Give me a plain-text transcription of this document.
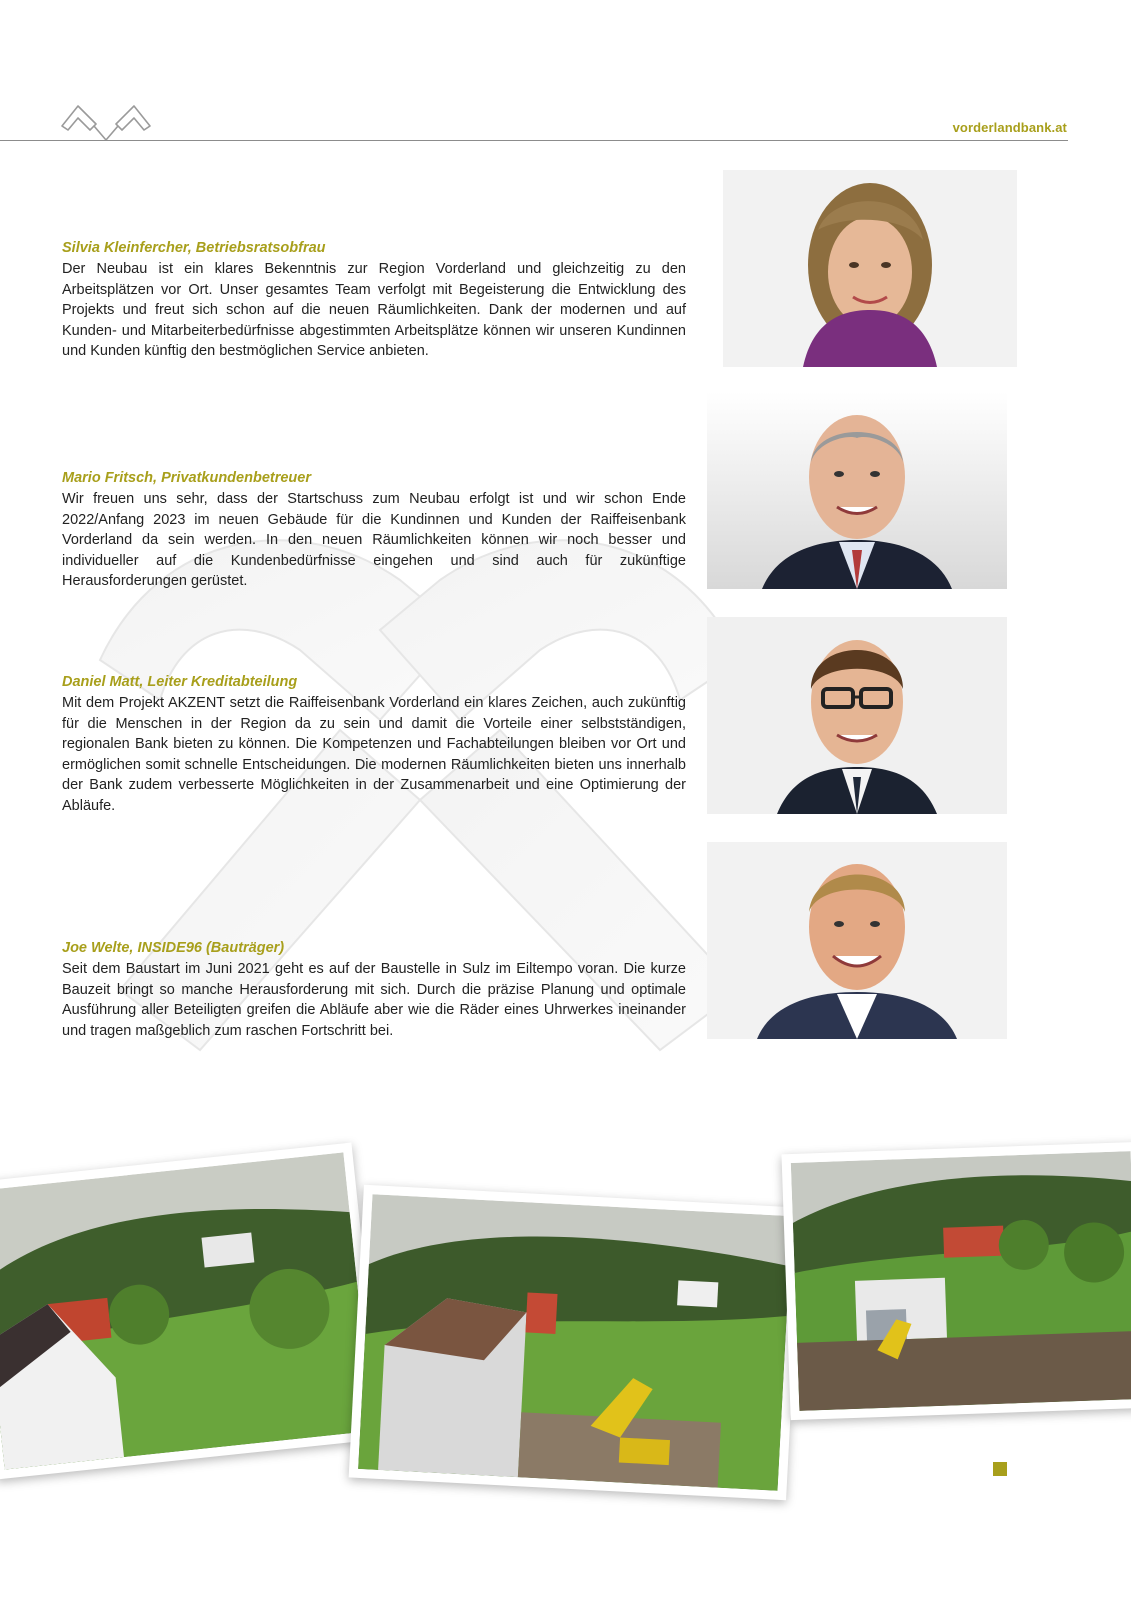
vorderlandbank.at
Silvia Kleinfercher, Betriebsratsobfrau
Der Neubau ist ein klares Bekenntnis zur Region Vorderland und gleichzeitig zu den Arbeitsplätzen vor Ort. Unser gesamtes Team verfolgt mit Begeisterung die Entwicklung des Projekts und freut sich schon auf die neuen Räumlichkeiten. Dank der modernen und auf Kunden- und Mitarbeiterbedürfnisse abgestimmten Arbeitsplätze können wir unseren Kundinnen und Kunden künftig den bestmöglichen Service anbieten.
Mario Fritsch, Privatkundenbetreuer
Wir freuen uns sehr, dass der Startschuss zum Neubau erfolgt ist und wir schon Ende 2022/Anfang 2023 im neuen Gebäude für die Kundinnen und Kunden der Raiffeisenbank Vorderland da sein werden. In den neuen Räumlichkeiten können wir noch besser und individueller auf die Kundenbedürfnisse eingehen und sind auch für zukünftige Herausforderungen gerüstet.
Daniel Matt, Leiter Kreditabteilung
Mit dem Projekt AKZENT setzt die Raiffeisenbank Vorderland ein klares Zeichen, auch zukünftig für die Menschen in der Region da zu sein und damit die Vorteile einer selbstständigen, regionalen Bank bieten zu können. Die Kompetenzen und Fachabteilungen bleiben vor Ort und ermöglichen somit schnelle Entscheidungen. Die modernen Räumlichkeiten bieten uns innerhalb der Bank zudem verbesserte Möglichkeiten in der Zusammenarbeit und eine Optimierung der Abläufe.
Joe Welte, INSIDE96 (Bauträger)
Seit dem Baustart im Juni 2021 geht es auf der Baustelle in Sulz im Eiltempo voran. Die kurze Bauzeit bringt so manche Herausforderung mit sich. Durch die präzise Planung und optimale Ausführung aller Beteiligten greifen die Abläufe aber wie die Räder eines Uhrwerkes ineinander und tragen maßgeblich zum raschen Fortschritt bei.
